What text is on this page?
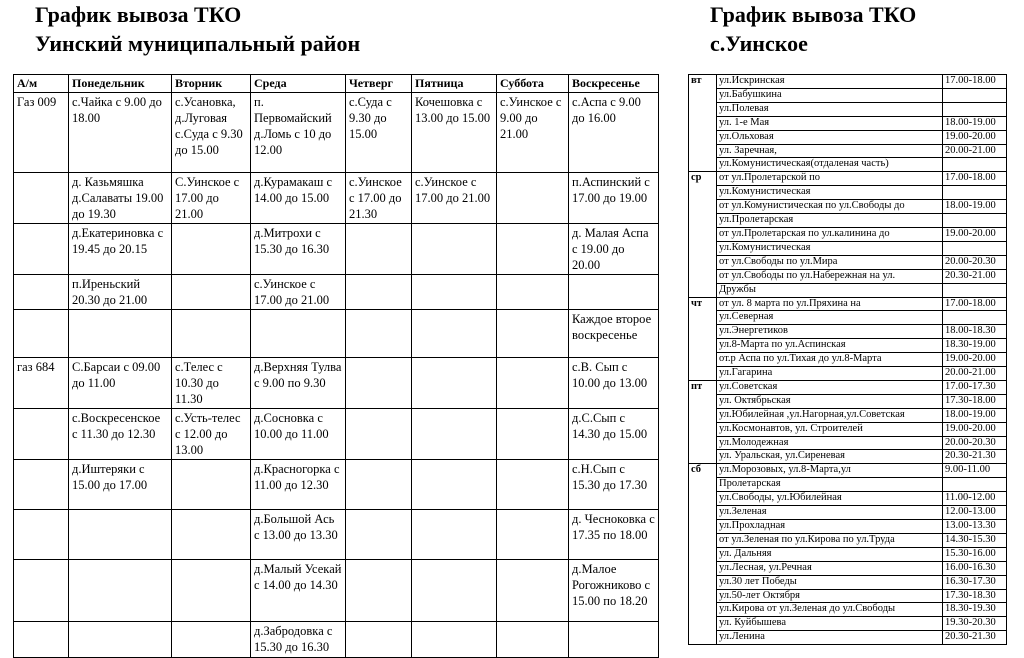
График вывоза ТКО
Уинский муниципальный район
График вывоза ТКО
с.Уинское
А/м	Понедельник	Вторник	Среда	Четверг	Пятница	Суббота	Воскресенье
Газ 009	с.Чайка с 9.00 до 18.00	с.Усановка, д.Луговая с.Суда с 9.30 до 15.00	п. Первомайский д.Ломь с 10 до 12.00	с.Суда с 9.30 до 15.00	Кочешовка с 13.00 до 15.00	с.Уинское с 9.00 до 21.00	с.Аспа с 9.00 до 16.00
	д. Казьмяшка д.Салаваты 19.00 до 19.30	С.Уинское с 17.00 до 21.00	д.Курамакаш с 14.00 до 15.00	с.Уинское с 17.00 до 21.30	с.Уинское с 17.00 до 21.00		п.Аспинский с 17.00 до 19.00
	д.Екатериновка с 19.45 до 20.15		д.Митрохи с 15.30 до 16.30				д. Малая Аспа с 19.00 до 20.00
	п.Иреньский 20.30 до 21.00		с.Уинское с 17.00 до 21.00				
							Каждое второе воскресенье
газ 684	С.Барсаи с 09.00 до 11.00	с.Телес с 10.30 до 11.30	д.Верхняя Тулва с 9.00 по 9.30				с.В. Сып с 10.00 до 13.00
	с.Воскресенское с 11.30 до 12.30	с.Усть-телес с 12.00 до 13.00	д.Сосновка с 10.00 до 11.00				д.С.Сып с 14.30 до 15.00
	д.Иштеряки с 15.00 до 17.00		д.Красногорка с 11.00 до 12.30				с.Н.Сып с 15.30 до 17.30
			д.Большой Ась с 13.00 до 13.30				д. Чесноковка с 17.35 по 18.00
			д.Малый Усекай с 14.00 до 14.30				д.Малое Рогожниково с 15.00 по 18.20
			д.Забродовка с 15.30 до 16.30				
вт	ул.Искринская	17.00-18.00
	ул.Бабушкина	
	ул.Полевая	
	ул. 1-е Мая	18.00-19.00
	ул.Ольховая	19.00-20.00
	ул. Заречная,	20.00-21.00
	ул.Комунистическая(отдаленая часть)	
ср	от ул.Пролетарской по	17.00-18.00
	ул.Комунистическая	
	от ул.Комунистическая по ул.Свободы до	18.00-19.00
	ул.Пролетарская	
	от ул.Пролетарская по ул.калинина до	19.00-20.00
	ул.Комунистическая	
	от ул.Свободы по ул.Мира	20.00-20.30
	от ул.Свободы по ул.Набережная на ул.	20.30-21.00
	Дружбы	
чт	от ул. 8 марта по ул.Пряхина на	17.00-18.00
	ул.Северная	
	ул.Энергетиков	18.00-18.30
	ул.8-Марта по ул.Аспинская	18.30-19.00
	от.р Аспа по ул.Тихая до ул.8-Марта	19.00-20.00
	ул.Гагарина	20.00-21.00
пт	ул.Советская	17.00-17.30
	ул. Октябрьская	17.30-18.00
	ул.Юбилейная ,ул.Нагорная,ул.Советская	18.00-19.00
	ул.Космонавтов, ул. Строителей	19.00-20.00
	ул.Молодежная	20.00-20.30
	ул. Уральская, ул.Сиреневая	20.30-21.30
сб	ул.Морозовых, ул.8-Марта,ул	9.00-11.00
	Пролетарская	
	ул.Свободы, ул.Юбилейная	11.00-12.00
	ул.Зеленая	12.00-13.00
	ул.Прохладная	13.00-13.30
	от ул.Зеленая по ул.Кирова по ул.Труда	14.30-15.30
	ул. Дальняя	15.30-16.00
	ул.Лесная, ул.Речная	16.00-16.30
	ул.30 лет Победы	16.30-17.30
	ул.50-лет Октября	17.30-18.30
	ул.Кирова от ул.Зеленая до ул.Свободы	18.30-19.30
	ул. Куйбышева	19.30-20.30
	ул.Ленина	20.30-21.30
